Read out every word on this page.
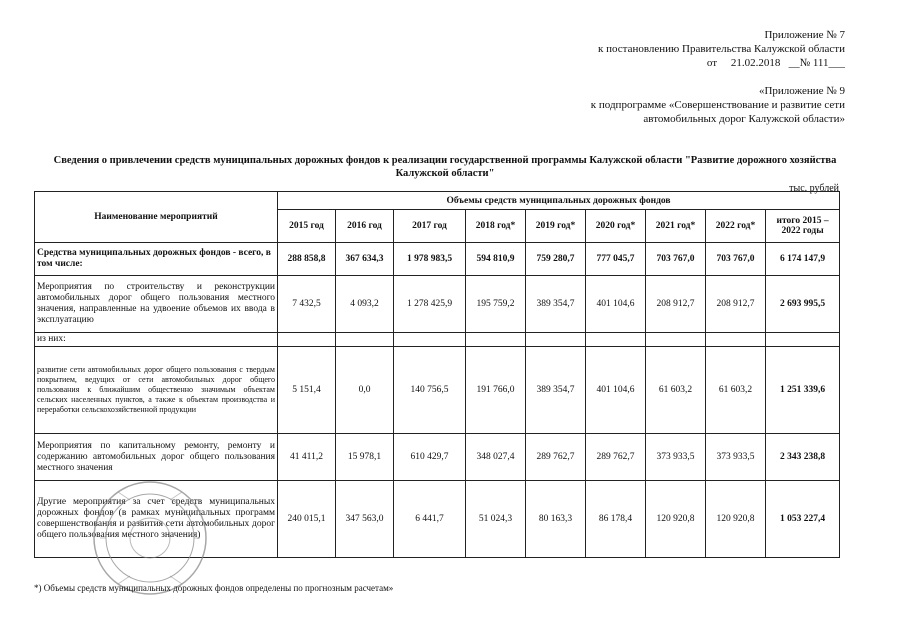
Приложение № 7
к постановлению Правительства Калужской области
от     21.02.2018   __№ 111___
«Приложение № 9
к подпрограмме «Совершенствование и развитие сети
автомобильных дорог Калужской области»
Сведения о привлечении средств муниципальных дорожных фондов к реализации государственной программы Калужской области "Развитие дорожного хозяйства Калужской области"
тыс. рублей
Наименование мероприятий	Объемы средств муниципальных дорожных фондов								
	2015 год	2016 год	2017 год	2018 год*	2019 год*	2020 год*	2021 год*	2022 год*	итого 2015 – 2022 годы
Средства муниципальных дорожных фондов - всего, в том числе:	288 858,8	367 634,3	1 978 983,5	594 810,9	759 280,7	777 045,7	703 767,0	703 767,0	6 174 147,9
Мероприятия по строительству и реконструкции автомобильных дорог общего пользования местного значения, направленные на удвоение объемов их ввода в эксплуатацию	7 432,5	4 093,2	1 278 425,9	195 759,2	389 354,7	401 104,6	208 912,7	208 912,7	2 693 995,5
из них:									
развитие сети автомобильных дорог общего пользования с твердым покрытием, ведущих от сети автомобильных дорог общего пользования к ближайшим общественно значимым объектам сельских населенных пунктов, а также к объектам производства и переработки сельскохозяйственной продукции	5 151,4	0,0	140 756,5	191 766,0	389 354,7	401 104,6	61 603,2	61 603,2	1 251 339,6
Мероприятия по капитальному ремонту, ремонту и содержанию автомобильных дорог общего пользования местного значения	41 411,2	15 978,1	610 429,7	348 027,4	289 762,7	289 762,7	373 933,5	373 933,5	2 343 238,8
Другие мероприятия за счет средств муниципальных дорожных фондов (в рамках муниципальных программ совершенствования и развития сети автомобильных дорог общего пользования местного значения)	240 015,1	347 563,0	6 441,7	51 024,3	80 163,3	86 178,4	120 920,8	120 920,8	1 053 227,4
*) Объемы средств муниципальных дорожных фондов определены по прогнозным расчетам»
